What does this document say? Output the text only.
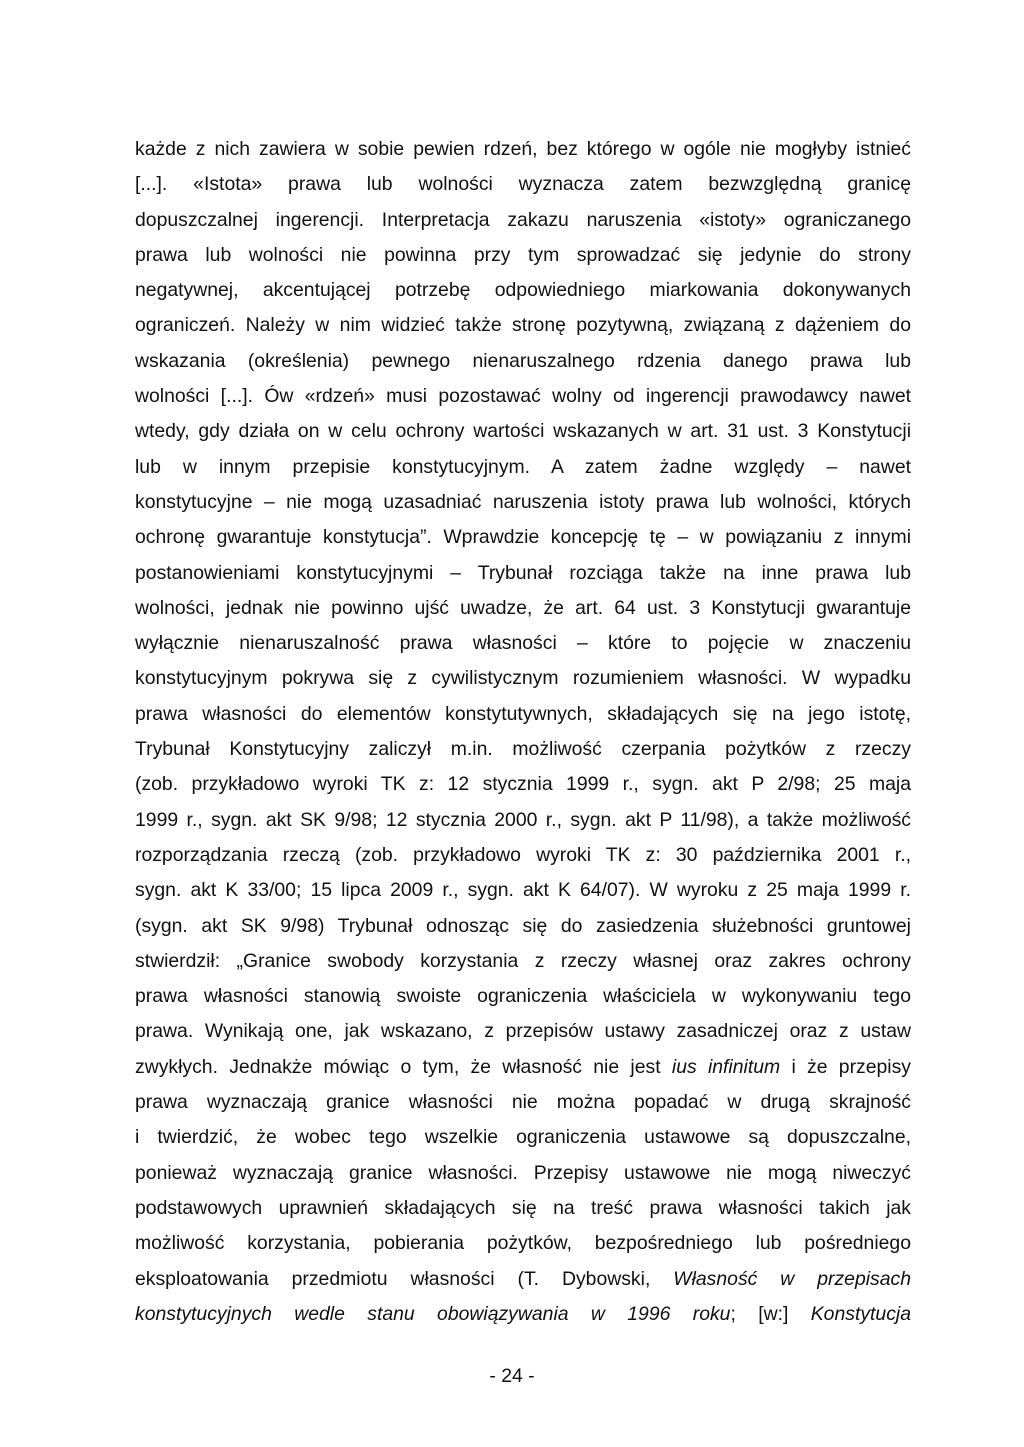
każde z nich zawiera w sobie pewien rdzeń, bez którego w ogóle nie mogłyby istnieć
[...]. «Istota» prawa lub wolności wyznacza zatem bezwzględną granicę
dopuszczalnej ingerencji. Interpretacja zakazu naruszenia «istoty» ograniczanego
prawa lub wolności nie powinna przy tym sprowadzać się jedynie do strony
negatywnej, akcentującej potrzebę odpowiedniego miarkowania dokonywanych
ograniczeń. Należy w nim widzieć także stronę pozytywną, związaną z dążeniem do
wskazania (określenia) pewnego nienaruszalnego rdzenia danego prawa lub
wolności [...]. Ów «rdzeń» musi pozostawać wolny od ingerencji prawodawcy nawet
wtedy, gdy działa on w celu ochrony wartości wskazanych w art. 31 ust. 3 Konstytucji
lub w innym przepisie konstytucyjnym. A zatem żadne względy – nawet
konstytucyjne – nie mogą uzasadniać naruszenia istoty prawa lub wolności, których
ochronę gwarantuje konstytucja”. Wprawdzie koncepcję tę – w powiązaniu z innymi
postanowieniami konstytucyjnymi – Trybunał rozciąga także na inne prawa lub
wolności, jednak nie powinno ujść uwadze, że art. 64 ust. 3 Konstytucji gwarantuje
wyłącznie nienaruszalność prawa własności – które to pojęcie w znaczeniu
konstytucyjnym pokrywa się z cywilistycznym rozumieniem własności. W wypadku
prawa własności do elementów konstytutywnych, składających się na jego istotę,
Trybunał Konstytucyjny zaliczył m.in. możliwość czerpania pożytków z rzeczy
(zob. przykładowo wyroki TK z: 12 stycznia 1999 r., sygn. akt P 2/98; 25 maja
1999 r., sygn. akt SK 9/98; 12 stycznia 2000 r., sygn. akt P 11/98), a także możliwość
rozporządzania rzeczą (zob. przykładowo wyroki TK z: 30 października 2001 r.,
sygn. akt K 33/00; 15 lipca 2009 r., sygn. akt K 64/07). W wyroku z 25 maja 1999 r.
(sygn. akt SK 9/98) Trybunał odnosząc się do zasiedzenia służebności gruntowej
stwierdził: „Granice swobody korzystania z rzeczy własnej oraz zakres ochrony
prawa własności stanowią swoiste ograniczenia właściciela w wykonywaniu tego
prawa. Wynikają one, jak wskazano, z przepisów ustawy zasadniczej oraz z ustaw
zwykłych. Jednakże mówiąc o tym, że własność nie jest ius infinitum i że przepisy
prawa wyznaczają granice własności nie można popadać w drugą skrajność
i twierdzić, że wobec tego wszelkie ograniczenia ustawowe są dopuszczalne,
ponieważ wyznaczają granice własności. Przepisy ustawowe nie mogą niweczyć
podstawowych uprawnień składających się na treść prawa własności takich jak
możliwość korzystania, pobierania pożytków, bezpośredniego lub pośredniego
eksploatowania przedmiotu własności (T. Dybowski, Własność w przepisach
konstytucyjnych wedle stanu obowiązywania w 1996 roku; [w:] Konstytucja
- 24 -
